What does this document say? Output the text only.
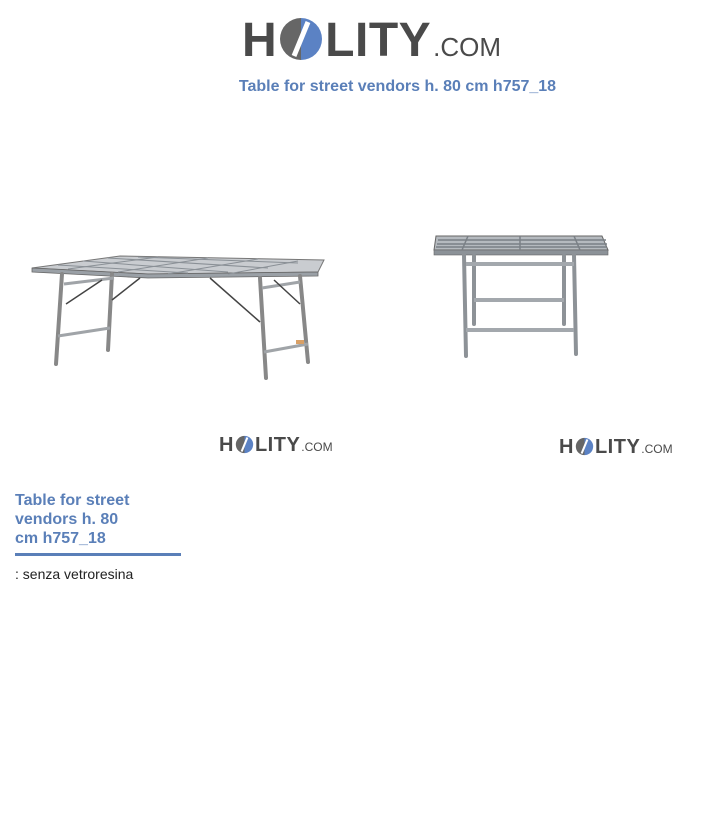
H LITY .COM
Table for street vendors h. 80 cm h757_18
H LITY .COM	H LITY .COM
Table for street vendors h. 80 cm h757_18
: senza vetroresina
